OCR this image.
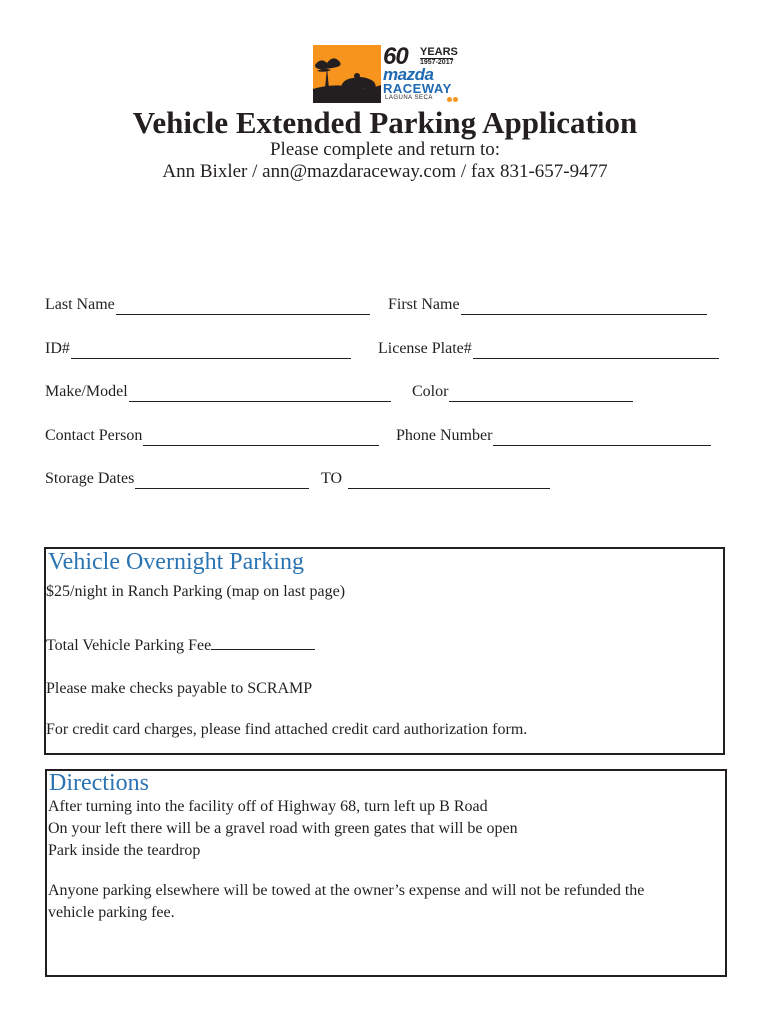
60 YEARS
1957-2017
mazda
RACEWAY
LAGUNA SECA
Vehicle Extended Parking Application
Please complete and return to:
Ann Bixler / ann@mazdaraceway.com / fax 831-657-9477
Last Name	First Name
ID#	License Plate#
Make/Model	Color
Contact Person	Phone Number
Storage Dates	TO
Vehicle Overnight Parking
$25/night in Ranch Parking (map on last page)
Total Vehicle Parking Fee
Please make checks payable to SCRAMP
For credit card charges, please find attached credit card authorization form.
Directions
After turning into the facility off of Highway 68, turn left up B Road
On your left there will be a gravel road with green gates that will be open
Park inside the teardrop
Anyone parking elsewhere will be towed at the owner’s expense and will not be refunded the
vehicle parking fee.
